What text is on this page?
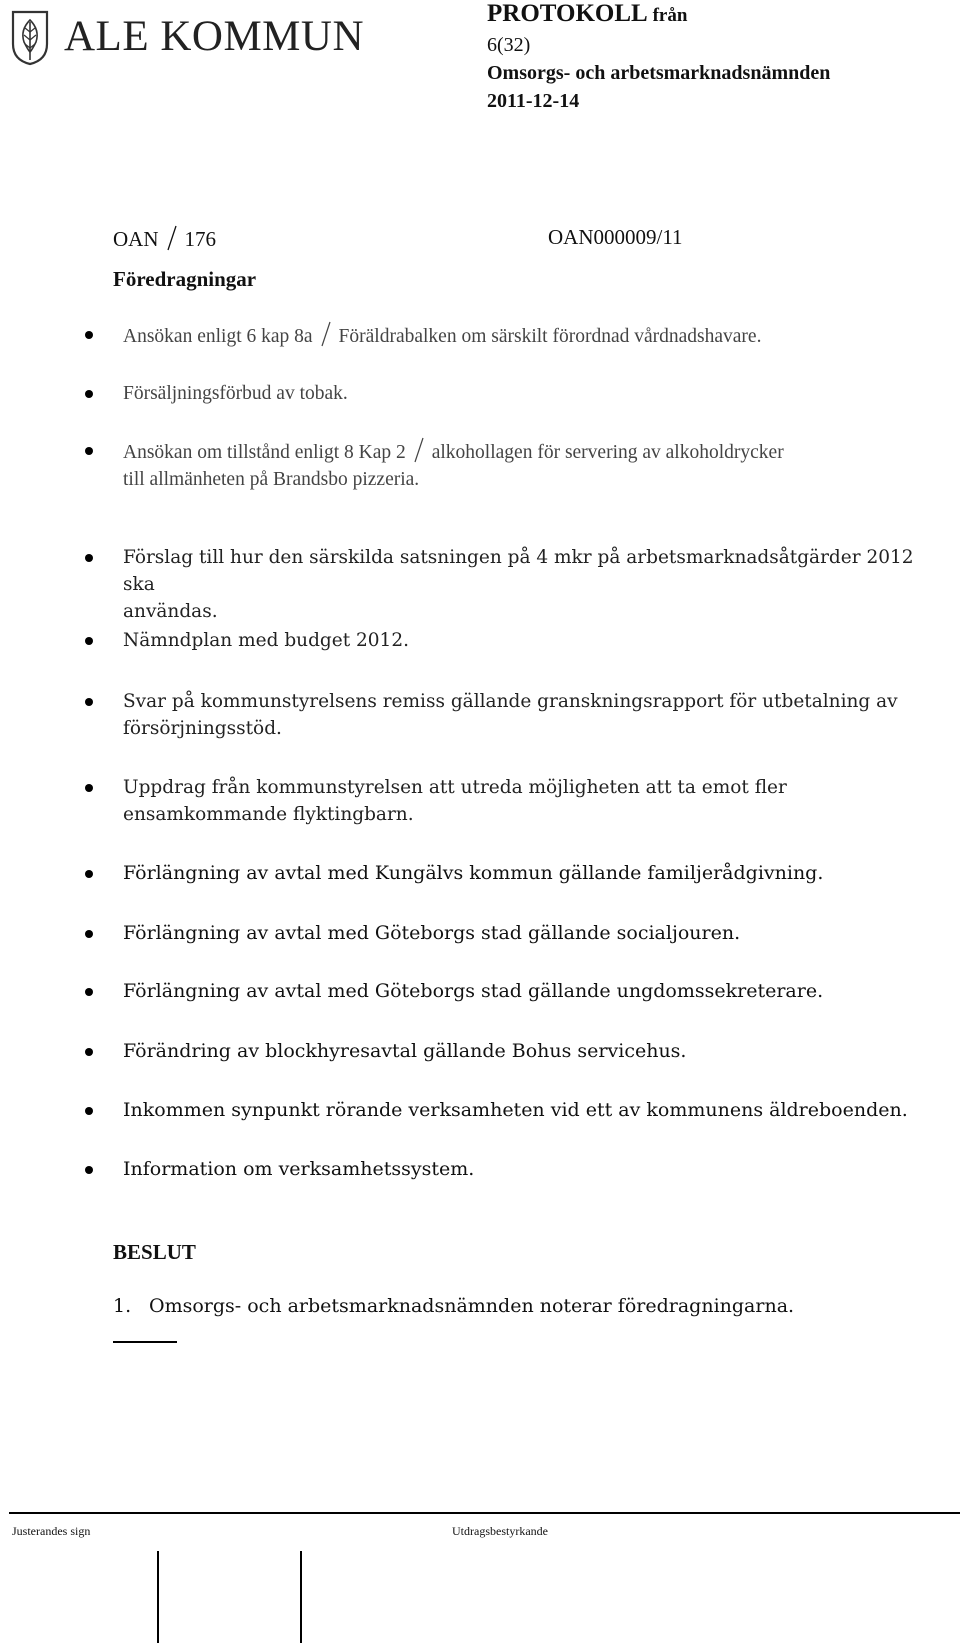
ALE KOMMUN	PROTOKOLL från
6(32)
Omsorgs- och arbetsmarknadsnämnden
2011-12-14
OAN 176	OAN000009/11
Föredragningar
Ansökan enligt 6 kap 8a Föräldrabalken om särskilt förordnad vårdnadshavare.
Försäljningsförbud av tobak.
Ansökan om tillstånd enligt 8 Kap 2 alkohollagen för servering av alkoholdrycker
till allmänheten på Brandsbo pizzeria.
Förslag till hur den särskilda satsningen på 4 mkr på arbetsmarknadsåtgärder 2012 ska
användas.
Nämndplan med budget 2012.
Svar på kommunstyrelsens remiss gällande granskningsrapport för utbetalning av
försörjningsstöd.
Uppdrag från kommunstyrelsen att utreda möjligheten att ta emot fler
ensamkommande flyktingbarn.
Förlängning av avtal med Kungälvs kommun gällande familjerådgivning.
Förlängning av avtal med Göteborgs stad gällande socialjouren.
Förlängning av avtal med Göteborgs stad gällande ungdomssekreterare.
Förändring av blockhyresavtal gällande Bohus servicehus.
Inkommen synpunkt rörande verksamheten vid ett av kommunens äldreboenden.
Information om verksamhetssystem.
BESLUT
1. Omsorgs- och arbetsmarknadsnämnden noterar föredragningarna.
Justerandes sign	Utdragsbestyrkande
